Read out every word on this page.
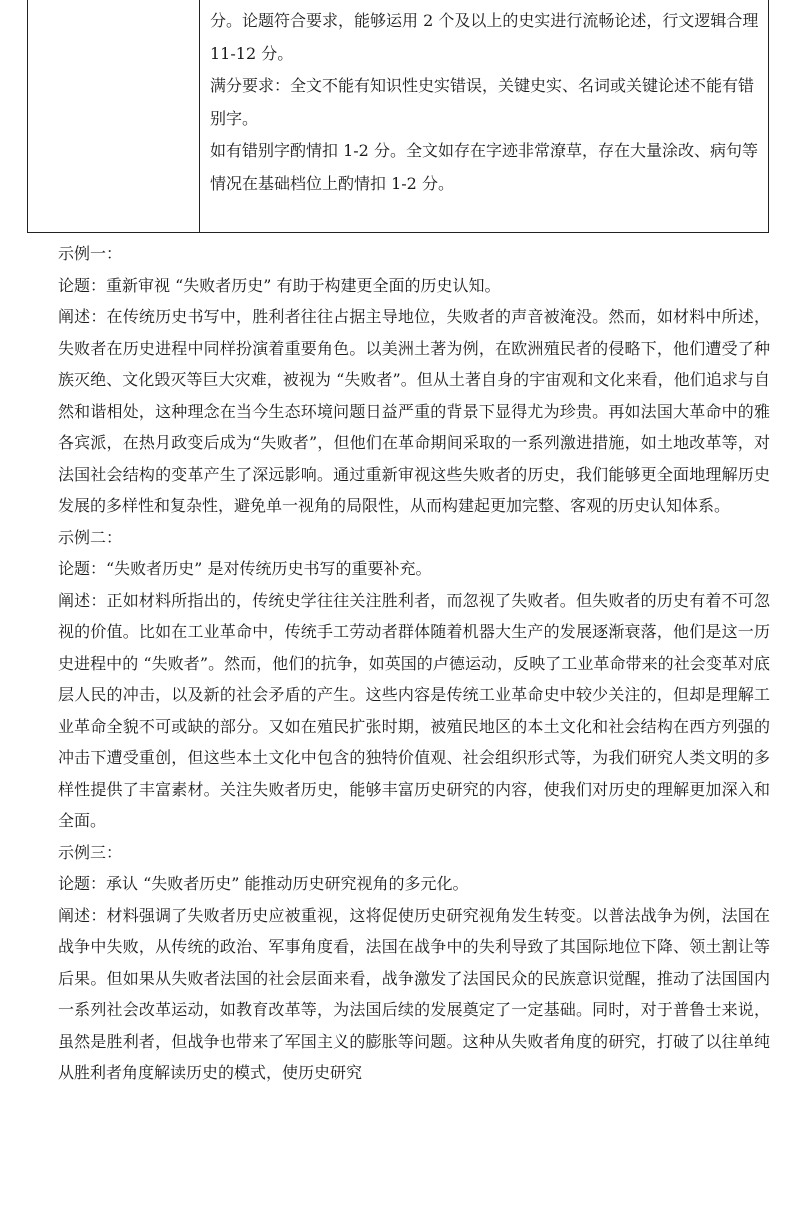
分。论题符合要求，能够运用 2 个及以上的史实进行流畅论述，行文逻辑合理 11-12 分。

满分要求：全文不能有知识性史实错误，关键史实、名词或关键论述不能有错别字。

如有错别字酌情扣 1-2 分。全文如存在字迹非常潦草，存在大量涂改、病句等情况在基础档位上酌情扣 1-2 分。

示例一：

论题：重新审视 “失败者历史” 有助于构建更全面的历史认知。

阐述：在传统历史书写中，胜利者往往占据主导地位，失败者的声音被淹没。然而，如材料中所述，失败者在历史进程中同样扮演着重要角色。以美洲土著为例，在欧洲殖民者的侵略下，他们遭受了种族灭绝、文化毁灭等巨大灾难，被视为 “失败者”。但从土著自身的宇宙观和文化来看，他们追求与自然和谐相处，这种理念在当今生态环境问题日益严重的背景下显得尤为珍贵。再如法国大革命中的雅各宾派，在热月政变后成为“失败者”，但他们在革命期间采取的一系列激进措施，如土地改革等，对法国社会结构的变革产生了深远影响。通过重新审视这些失败者的历史，我们能够更全面地理解历史发展的多样性和复杂性，避免单一视角的局限性，从而构建起更加完整、客观的历史认知体系。

示例二：

论题：“失败者历史” 是对传统历史书写的重要补充。

阐述：正如材料所指出的，传统史学往往关注胜利者，而忽视了失败者。但失败者的历史有着不可忽视的价值。比如在工业革命中，传统手工劳动者群体随着机器大生产的发展逐渐衰落，他们是这一历史进程中的 “失败者”。然而，他们的抗争，如英国的卢德运动，反映了工业革命带来的社会变革对底层人民的冲击，以及新的社会矛盾的产生。这些内容是传统工业革命史中较少关注的，但却是理解工业革命全貌不可或缺的部分。又如在殖民扩张时期，被殖民地区的本土文化和社会结构在西方列强的冲击下遭受重创，但这些本土文化中包含的独特价值观、社会组织形式等，为我们研究人类文明的多样性提供了丰富素材。关注失败者历史，能够丰富历史研究的内容，使我们对历史的理解更加深入和全面。

示例三：

论题：承认 “失败者历史” 能推动历史研究视角的多元化。

阐述：材料强调了失败者历史应被重视，这将促使历史研究视角发生转变。以普法战争为例，法国在战争中失败，从传统的政治、军事角度看，法国在战争中的失利导致了其国际地位下降、领土割让等后果。但如果从失败者法国的社会层面来看，战争激发了法国民众的民族意识觉醒，推动了法国国内一系列社会改革运动，如教育改革等，为法国后续的发展奠定了一定基础。同时，对于普鲁士来说，虽然是胜利者，但战争也带来了军国主义的膨胀等问题。这种从失败者角度的研究，打破了以往单纯从胜利者角度解读历史的模式，使历史研究
